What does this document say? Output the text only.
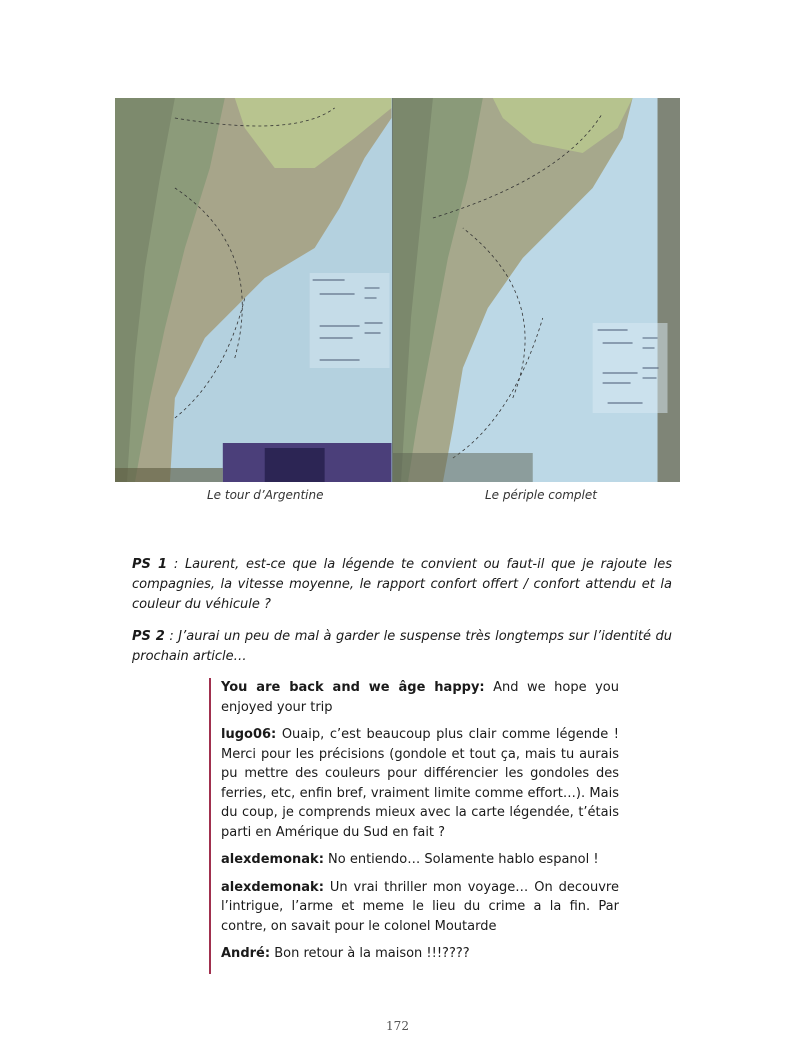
Le tour d’Argentine	Le périple complet
PS 1 : Laurent, est-ce que la légende te convient ou faut-il que je rajoute les compagnies, la vitesse moyenne, le rapport confort offert / confort attendu et la couleur du véhicule ?
PS 2 : J’aurai un peu de mal à garder le suspense très longtemps sur l’identité du prochain article…
You are back and we âge happy: And we hope you enjoyed your trip
lugo06: Ouaip, c’est beaucoup plus clair comme légende ! Merci pour les précisions (gondole et tout ça, mais tu aurais pu mettre des couleurs pour différencier les gondoles des ferries, etc, enfin bref, vraiment limite comme effort…). Mais du coup, je comprends mieux avec la carte légendée, t’étais parti en Amérique du Sud en fait ?
alexdemonak: No entiendo… Solamente hablo espanol !
alexdemonak: Un vrai thriller mon voyage… On decouvre l’intrigue, l’arme et meme le lieu du crime a la fin. Par contre, on savait pour le colonel Moutarde
André: Bon retour à la maison !!!????
172
